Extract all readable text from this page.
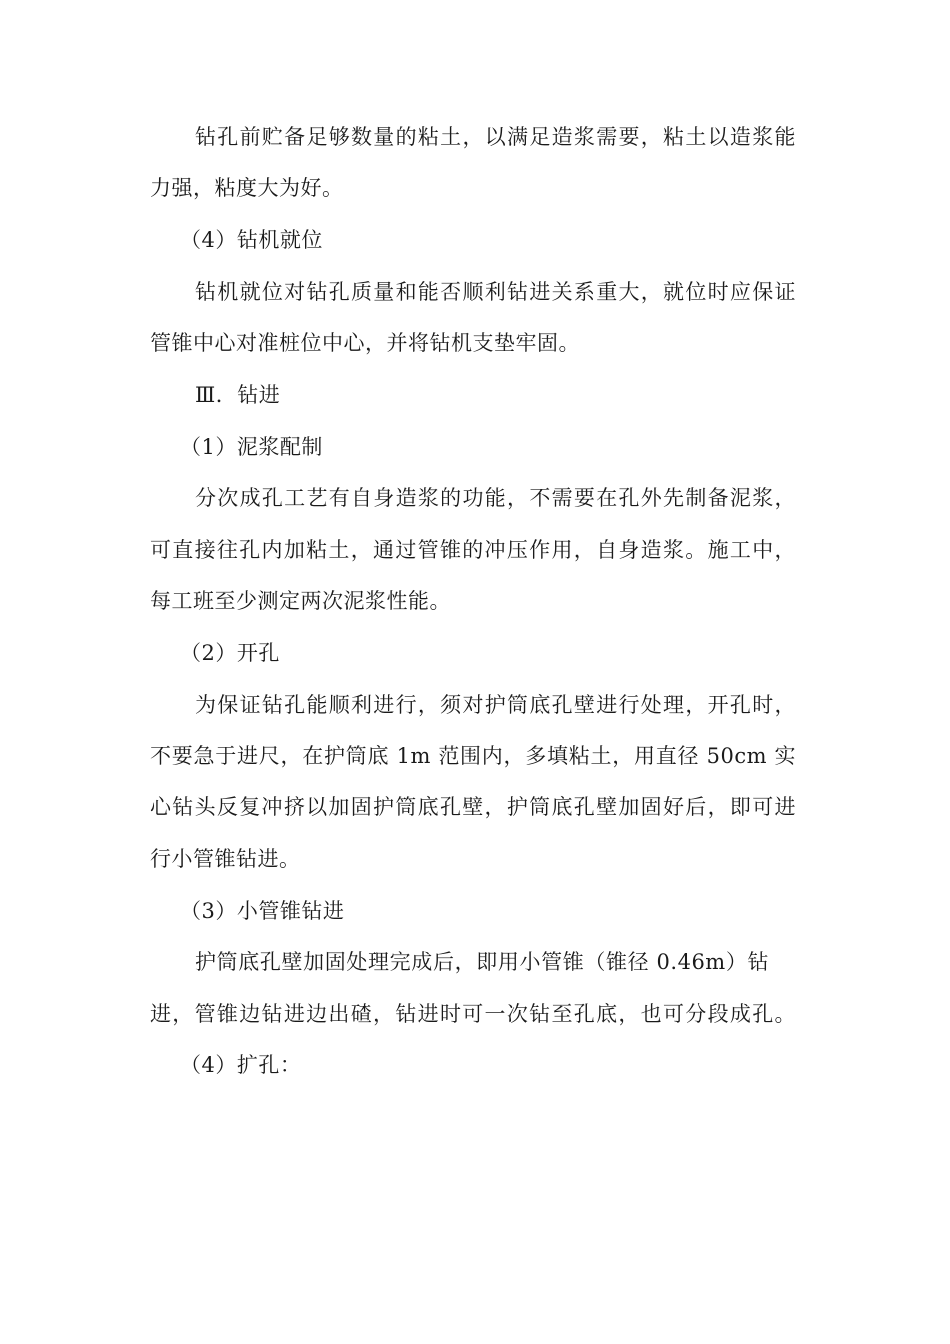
钻孔前贮备足够数量的粘土，以满足造浆需要，粘土以造浆能
力强，粘度大为好。
（4）钻机就位
钻机就位对钻孔质量和能否顺利钻进关系重大，就位时应保证
管锥中心对准桩位中心，并将钻机支垫牢固。
Ⅲ．钻进
（1）泥浆配制
分次成孔工艺有自身造浆的功能，不需要在孔外先制备泥浆，
可直接往孔内加粘土，通过管锥的冲压作用，自身造浆。施工中，
每工班至少测定两次泥浆性能。
（2）开孔
为保证钻孔能顺利进行，须对护筒底孔壁进行处理，开孔时，
不要急于进尺，在护筒底 1m 范围内，多填粘土，用直径 50cm 实
心钻头反复冲挤以加固护筒底孔壁，护筒底孔壁加固好后，即可进
行小管锥钻进。
（3）小管锥钻进
护筒底孔壁加固处理完成后，即用小管锥（锥径 0.46m）钻
进，管锥边钻进边出碴，钻进时可一次钻至孔底，也可分段成孔。
（4）扩孔：
